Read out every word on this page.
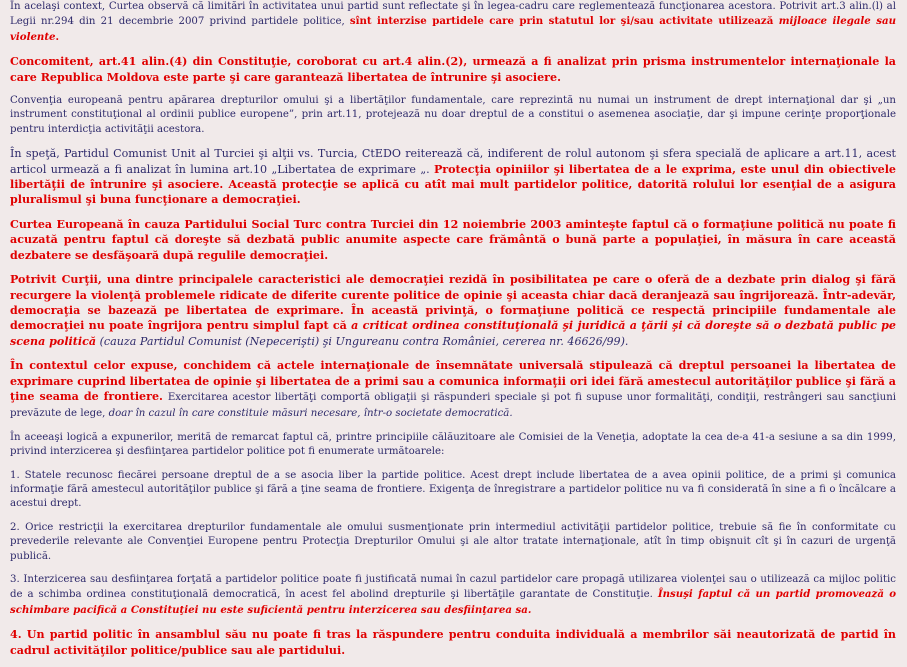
În acelaşi context, Curtea observă că limitări în activitatea unui partid sunt reflectate şi în legea-cadru care reglementează funcţionarea acestora. Potrivit art.3 alin.(l) al Legii nr.294 din 21 decembrie 2007 privind partidele politice, sînt interzise partidele care prin statutul lor şi/sau activitate utilizează mijloace ilegale sau violente.

Concomitent, art.41 alin.(4) din Constituţie, coroborat cu art.4 alin.(2), urmează a fi analizat prin prisma instrumentelor internaţionale la care Republica Moldova este parte şi care garantează libertatea de întrunire şi asociere.

Convenţia europeană pentru apărarea drepturilor omului şi a libertăţilor fundamentale, care reprezintă nu numai un instrument de drept internaţional dar şi „un instrument constituţional al ordinii publice europene”, prin art.11, protejează nu doar dreptul de a constitui o asemenea asociaţie, dar şi impune cerinţe proporţionale pentru interdicţia activităţii acestora.

În speţă, Partidul Comunist Unit al Turciei şi alţii vs. Turcia, CtEDO reiterează că, indiferent de rolul autonom şi sfera specială de aplicare a art.11, acest articol urmează a fi analizat în lumina art.10 „Libertatea de exprimare „. Protecţia opiniilor şi libertatea de a le exprima, este unul din obiectivele libertăţii de întrunire şi asociere. Această protecţie se aplică cu atît mai mult partidelor politice, datorită rolului lor esenţial de a asigura pluralismul şi buna funcţionare a democraţiei.

Curtea Europeană în cauza Partidului Social Turc contra Turciei din 12 noiembrie 2003 aminteşte faptul că o formaţiune politică nu poate fi acuzată pentru faptul că doreşte să dezbată public anumite aspecte care frământă o bună parte a populaţiei, în măsura în care această dezbatere se desfăşoară după regulile democraţiei.

Potrivit Curţii, una dintre principalele caracteristici ale democraţiei rezidă în posibilitatea pe care o oferă de a dezbate prin dialog şi fără recurgere la violenţă problemele ridicate de diferite curente politice de opinie şi aceasta chiar dacă deranjează sau îngrijorează. Într-adevăr, democraţia se bazează pe libertatea de exprimare. În această privinţă, o formaţiune politică ce respectă principiile fundamentale ale democraţiei nu poate îngrijora pentru simplul fapt că a criticat ordinea constituţională şi juridică a ţării şi că doreşte să o dezbată public pe scena politică (cauza Partidul Comunist (Nepecerişti) şi Ungureanu contra României, cererea nr. 46626/99).

În contextul celor expuse, conchidem că actele internaţionale de însemnătate universală stipulează că dreptul persoanei la libertatea de exprimare cuprind libertatea de opinie şi libertatea de a primi sau a comunica informaţii ori idei fără amestecul autorităţilor publice şi fără a ţine seama de frontiere. Exercitarea acestor libertăţi comportă obligaţii şi răspunderi speciale şi pot fi supuse unor formalităţi, condiţii, restrângeri sau sancţiuni prevăzute de lege, doar în cazul în care constituie măsuri necesare, într-o societate democratică.

În aceeaşi logică a expunerilor, merită de remarcat faptul că, printre principiile călăuzitoare ale Comisiei de la Veneţia, adoptate la cea de-a 41-a sesiune a sa din 1999, privind interzicerea şi desfiinţarea partidelor politice pot fi enumerate următoarele:

1. Statele recunosc fiecărei persoane dreptul de a se asocia liber la partide politice. Acest drept include libertatea de a avea opinii politice, de a primi şi comunica informaţie fără amestecul autorităţilor publice şi fără a ţine seama de frontiere. Exigenţa de înregistrare a partidelor politice nu va fi considerată în sine a fi o încălcare a acestui drept.

2. Orice restricţii la exercitarea drepturilor fundamentale ale omului susmenţionate prin intermediul activităţii partidelor politice, trebuie să fie în conformitate cu prevederile relevante ale Convenţiei Europene pentru Protecţia Drepturilor Omului şi ale altor tratate internaţionale, atît în timp obişnuit cît şi în cazuri de urgenţă publică.

3. Interzicerea sau desfiinţarea forţată a partidelor politice poate fi justificată numai în cazul partidelor care propagă utilizarea violenţei sau o utilizează ca mijloc politic de a schimba ordinea constituţională democratică, în acest fel abolind drepturile şi libertăţile garantate de Constituţie. Însuşi faptul că un partid promovează o schimbare pacifică a Constituţiei nu este suficientă pentru interzicerea sau desfiinţarea sa.

4. Un partid politic în ansamblul său nu poate fi tras la răspundere pentru conduita individuală a membrilor săi neautorizată de partid în cadrul activităţilor politice/publice sau ale partidului.
